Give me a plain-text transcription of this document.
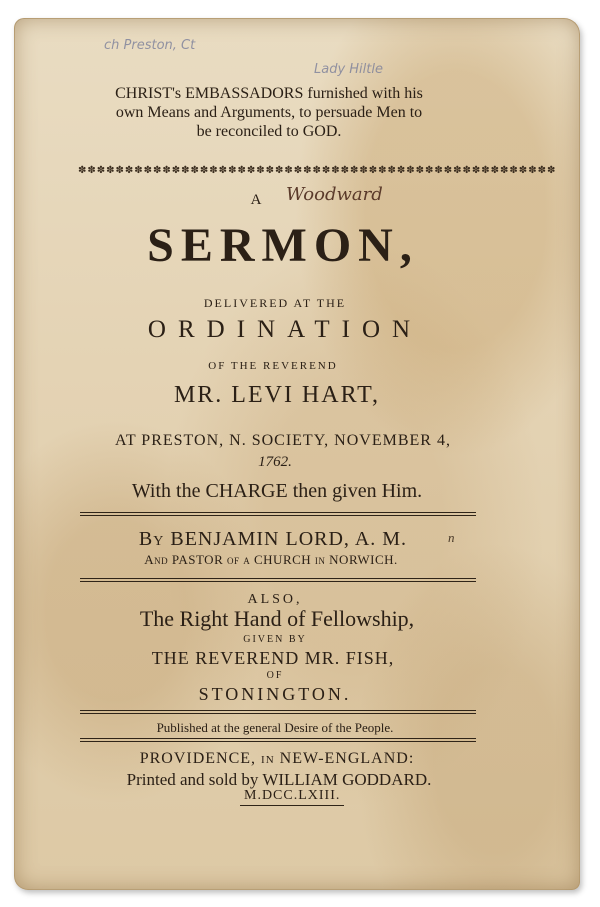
ch Preston, Ct
Lady Hiltle
CHRIST's EMBASSADORS furnished with his
own Means and Arguments, to persuade Men to
be reconciled to GOD.
✽✽✽✽✽✽✽✽✽✽✽✽✽✽✽✽✽✽✽✽✽✽✽✽✽✽✽✽✽✽✽✽✽✽✽✽✽✽✽✽✽✽✽✽✽✽✽✽✽✽✽
A	Woodward
SERMON,
DELIVERED AT THE
ORDINATION
OF THE REVEREND
MR. LEVI HART,
AT PRESTON, N. SOCIETY, NOVEMBER 4,
1762.
With the CHARGE then given Him.
By BENJAMIN LORD, A. M.	n
And PASTOR of a CHURCH in NORWICH.
ALSO,
The Right Hand of Fellowship,
GIVEN BY
THE REVEREND MR. FISH,
OF
STONINGTON.
Published at the general Desire of the People.
PROVIDENCE, in NEW-ENGLAND:
Printed and sold by WILLIAM GODDARD.
M.DCC.LXIII.
